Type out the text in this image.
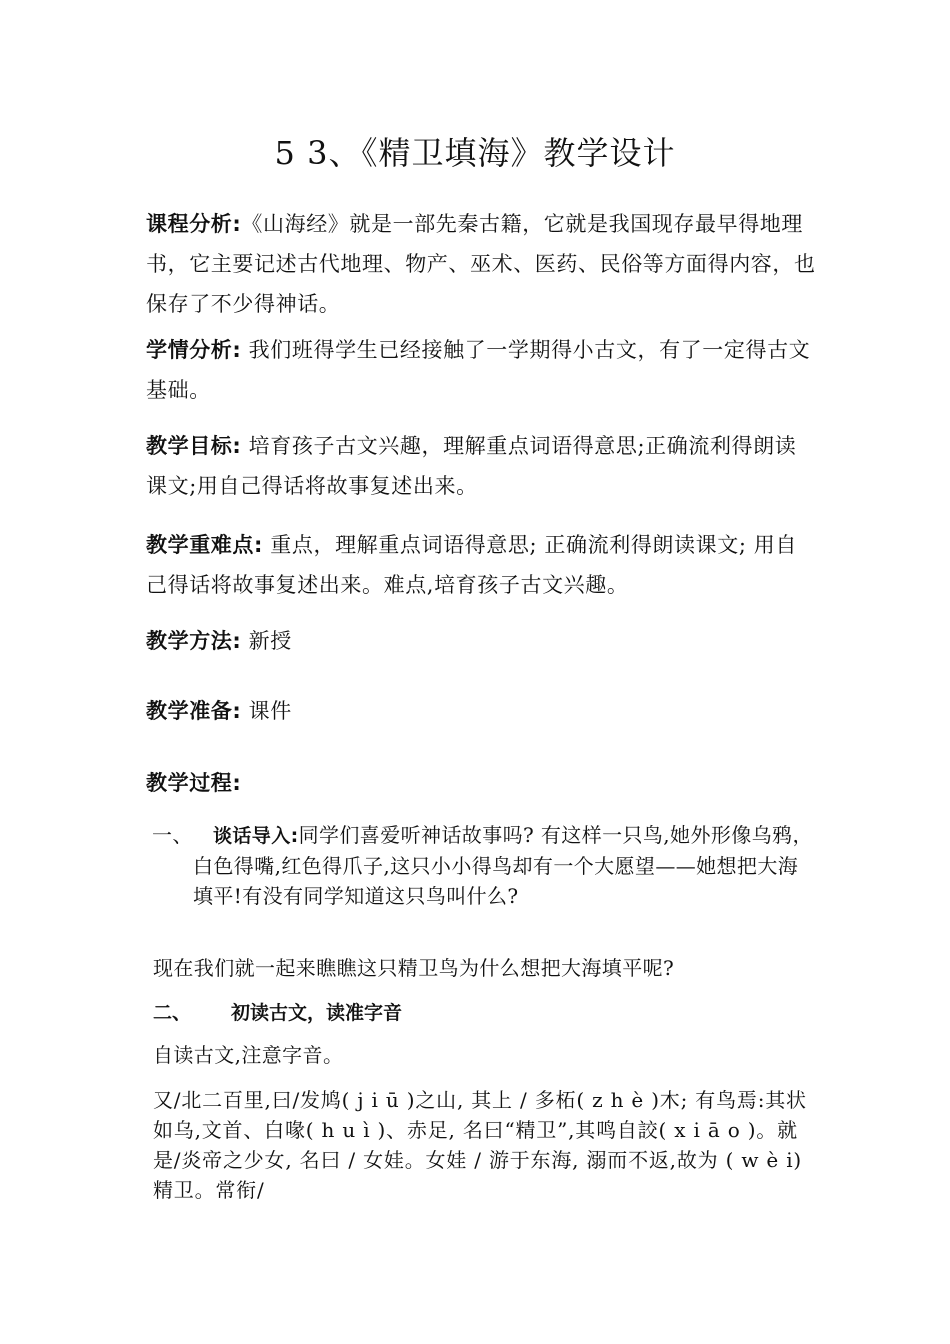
5 3、《精卫填海》教学设计

课程分析:《山海经》就是一部先秦古籍，它就是我国现存最早得地理书，它主要记述古代地理、物产、巫术、医药、民俗等方面得内容，也保存了不少得神话。

学情分析: 我们班得学生已经接触了一学期得小古文，有了一定得古文基础。

教学目标: 培育孩子古文兴趣，理解重点词语得意思;正确流利得朗读课文;用自己得话将故事复述出来。

教学重难点: 重点，理解重点词语得意思; 正确流利得朗读课文; 用自己得话将故事复述出来。难点,培育孩子古文兴趣。

教学方法: 新授

教学准备: 课件

教学过程:

一、	谈话导入:同学们喜爱听神话故事吗? 有这样一只鸟,她外形像乌鸦，白色得嘴,红色得爪子,这只小小得鸟却有一个大愿望——她想把大海填平!有没有同学知道这只鸟叫什么?
现在我们就一起来瞧瞧这只精卫鸟为什么想把大海填平呢?
二、 初读古文，读准字音
自读古文,注意字音。
又/北二百里,曰/发鸠( j i ū )之山, 其上 / 多柘( z h è )木; 有鸟焉:其状如乌,文首、白喙( h u ì )、赤足, 名曰“精卫”,其鸣自詨( x i ā o )。就是/炎帝之少女, 名曰 / 女娃。女娃 / 游于东海, 溺而不返,故为 ( w è i)精卫。常衔/
